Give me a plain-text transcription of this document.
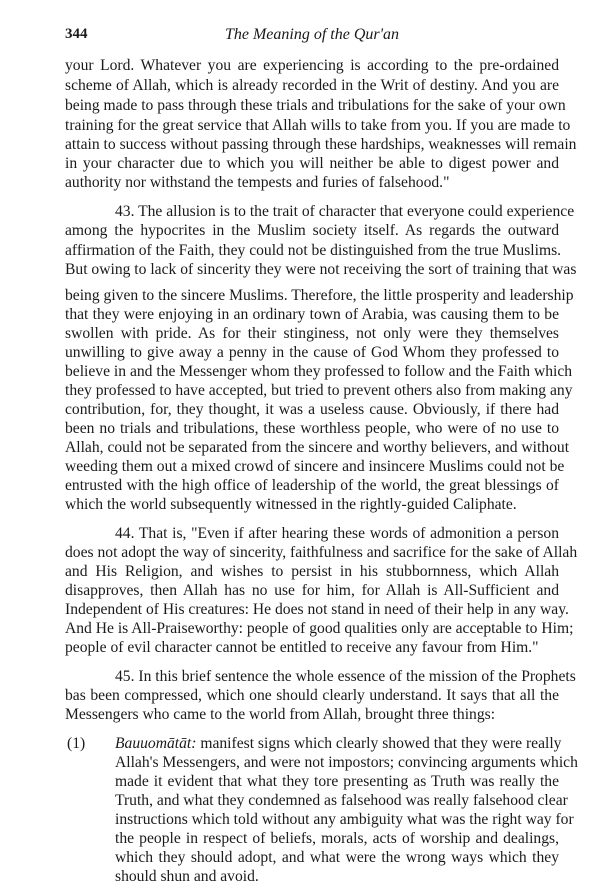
344	The Meaning of the Qur'an
your Lord. Whatever you are experiencing is according to the pre-ordained
scheme of Allah, which is already recorded in the Writ of destiny. And you are
being made to pass through these trials and tribulations for the sake of your own
training for the great service that Allah wills to take from you. If you are made to
attain to success without passing through these hardships, weaknesses will remain
in your character due to which you will neither be able to digest power and
authority nor withstand the tempests and furies of falsehood."
43. The allusion is to the trait of character that everyone could experience
among the hypocrites in the Muslim society itself. As regards the outward
affirmation of the Faith, they could not be distinguished from the true Muslims.
But owing to lack of sincerity they were not receiving the sort of training that was
being given to the sincere Muslims. Therefore, the little prosperity and leadership
that they were enjoying in an ordinary town of Arabia, was causing them to be
swollen with pride. As for their stinginess, not only were they themselves
unwilling to give away a penny in the cause of God Whom they professed to
believe in and the Messenger whom they professed to follow and the Faith which
they professed to have accepted, but tried to prevent others also from making any
contribution, for, they thought, it was a useless cause. Obviously, if there had
been no trials and tribulations, these worthless people, who were of no use to
Allah, could not be separated from the sincere and worthy believers, and without
weeding them out a mixed crowd of sincere and insincere Muslims could not be
entrusted with the high office of leadership of the world, the great blessings of
which the world subsequently witnessed in the rightly-guided Caliphate.
44. That is, "Even if after hearing these words of admonition a person
does not adopt the way of sincerity, faithfulness and sacrifice for the sake of Allah
and His Religion, and wishes to persist in his stubbornness, which Allah
disapproves, then Allah has no use for him, for Allah is All-Sufficient and
Independent of His creatures: He does not stand in need of their help in any way.
And He is All-Praiseworthy: people of good qualities only are acceptable to Him;
people of evil character cannot be entitled to receive any favour from Him."
45. In this brief sentence the whole essence of the mission of the Prophets
bas been compressed, which one should clearly understand. It says that all the
Messengers who came to the world from Allah, brought three things:
(1) Bauuomātāt: manifest signs which clearly showed that they were really
Allah's Messengers, and were not impostors; convincing arguments which
made it evident that what they tore presenting as Truth was really the
Truth, and what they condemned as falsehood was really falsehood clear
instructions which told without any ambiguity what was the right way for
the people in respect of beliefs, morals, acts of worship and dealings,
which they should adopt, and what were the wrong ways which they
should shun and avoid.
